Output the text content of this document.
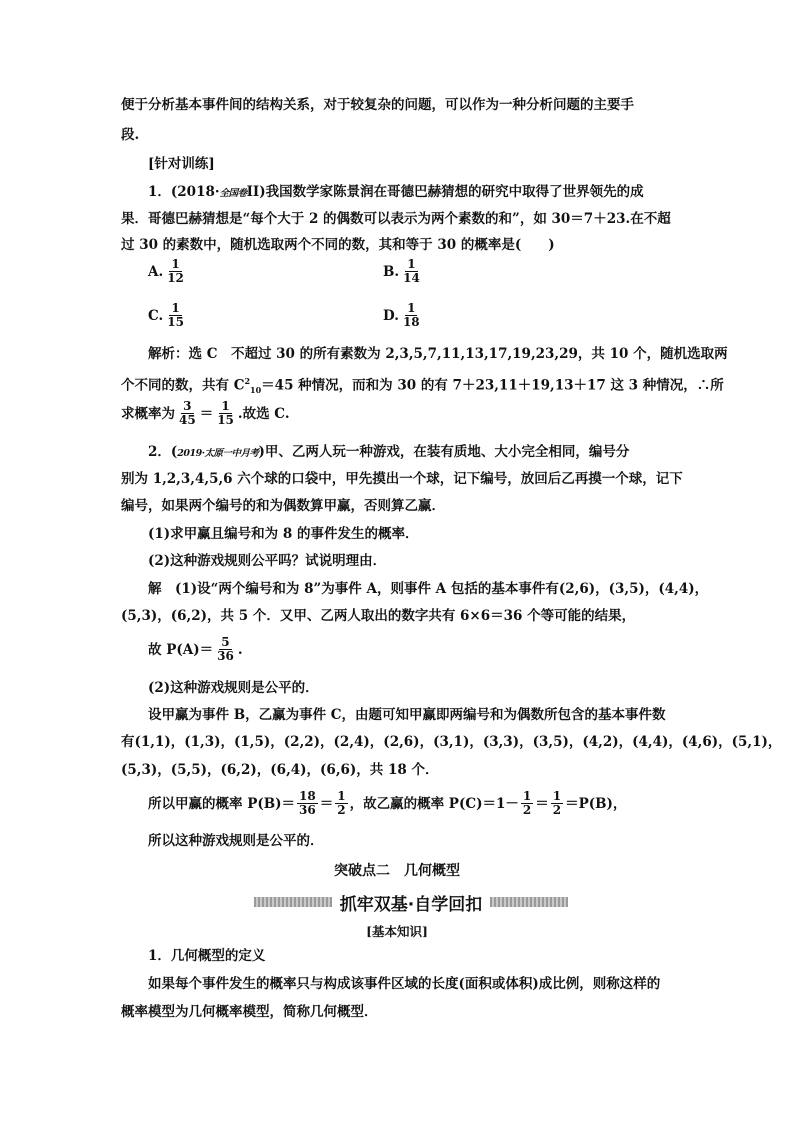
便于分析基本事件间的结构关系，对于较复杂的问题，可以作为一种分析问题的主要手
段.
[针对训练]
1．(2018·全国卷II)我国数学家陈景润在哥德巴赫猜想的研究中取得了世界领先的成
果．哥德巴赫猜想是“每个大于 2 的偶数可以表示为两个素数的和”，如 30＝7＋23.在不超
过 30 的素数中，随机选取两个不同的数，其和等于 30 的概率是(　　)
A. $\frac{1}{12}$	B. $\frac{1}{14}$
C. $\frac{1}{15}$	D. $\frac{1}{18}$
解析：选 C　不超过 30 的所有素数为 2,3,5,7,11,13,17,19,23,29，共 10 个，随机选取两
个不同的数，共有 $C^2_{10}=45$ 种情况，而和为 30 的有 7＋23,11＋19,13＋17 这 3 种情况，∴所
求概率为 $\frac{3}{45} = \frac{1}{15}$ .故选 C.
2．(2019·太原一中月考)甲、乙两人玩一种游戏，在装有质地、大小完全相同，编号分
别为 1,2,3,4,5,6 六个球的口袋中，甲先摸出一个球，记下编号，放回后乙再摸一个球，记下
编号，如果两个编号的和为偶数算甲赢，否则算乙赢．
(1)求甲赢且编号和为 8 的事件发生的概率．
(2)这种游戏规则公平吗？试说明理由．
解　(1)设“两个编号和为 8”为事件 A，则事件 A 包括的基本事件有(2,6)，(3,5)，(4,4)，
(5,3)，(6,2)，共 5 个．又甲、乙两人取出的数字共有 6×6＝36 个等可能的结果，
故 $P(A)= \frac{5}{36}$ .
(2)这种游戏规则是公平的．
设甲赢为事件 B，乙赢为事件 C，由题可知甲赢即两编号和为偶数所包含的基本事件数
有(1,1)，(1,3)，(1,5)，(2,2)，(2,4)，(2,6)，(3,1)，(3,3)，(3,5)，(4,2)，(4,4)，(4,6)，(5,1)，
(5,3)，(5,5)，(6,2)，(6,4)，(6,6)，共 18 个．
所以甲赢的概率 $P(B)= \frac{18}{36} = \frac{1}{2}$ ，故乙赢的概率 $P(C)=1- \frac{1}{2} = \frac{1}{2} =P(B)$，
所以这种游戏规则是公平的．
突破点二　几何概型
抓牢双基·自学回扣
[基本知识]
1．几何概型的定义
如果每个事件发生的概率只与构成该事件区域的长度(面积或体积)成比例，则称这样的
概率模型为几何概率模型，简称几何概型．
